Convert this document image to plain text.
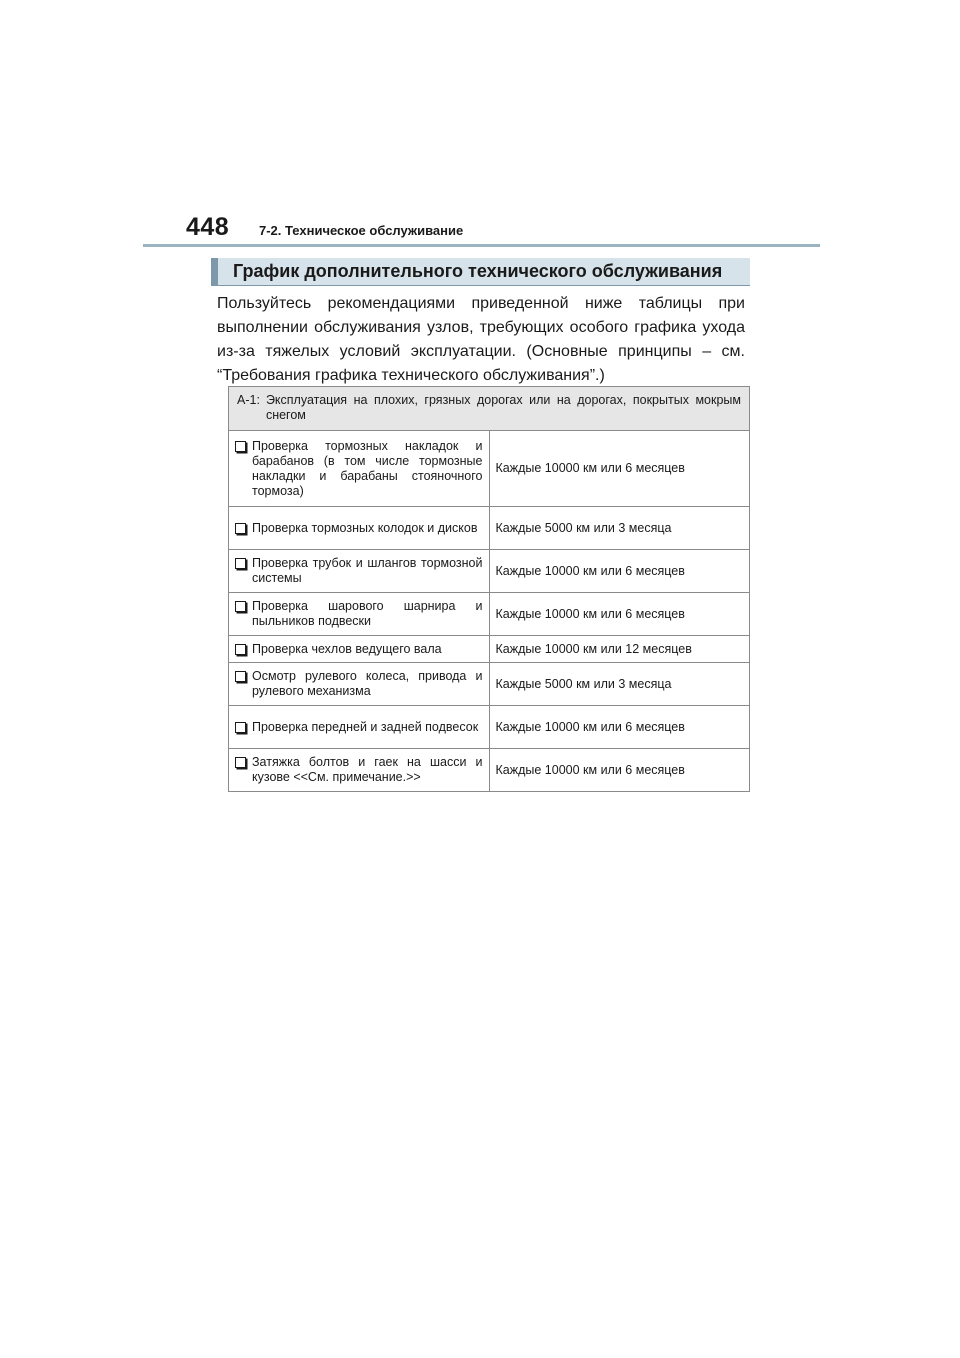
448 7-2. Техническое обслуживание
График дополнительного технического обслуживания
Пользуйтесь рекомендациями приведенной ниже таблицы при выполнении обслуживания узлов, требующих особого графика ухода из-за тяжелых условий эксплуатации. (Основные принципы – см. “Требования графика технического обслуживания”.)
A-1: Эксплуатация на плохих, грязных дорогах или на дорогах, покрытых мокрым снегом	

Проверка тормозных накладок и барабанов (в том числе тормозные накладки и барабаны стояночного тормоза)	Каждые 10000 км или 6 месяцев

Проверка тормозных колодок и дисков	Каждые 5000 км или 3 месяца

Проверка трубок и шлангов тормозной системы	Каждые 10000 км или 6 месяцев

Проверка шарового шарнира и пыльников подвески	Каждые 10000 км или 6 месяцев

Проверка чехлов ведущего вала	Каждые 10000 км или 12 месяцев

Осмотр рулевого колеса, привода и рулевого механизма	Каждые 5000 км или 3 месяца

Проверка передней и задней подвесок	Каждые 10000 км или 6 месяцев

Затяжка болтов и гаек на шасси и кузове <<См. примечание.>>	Каждые 10000 км или 6 месяцев
